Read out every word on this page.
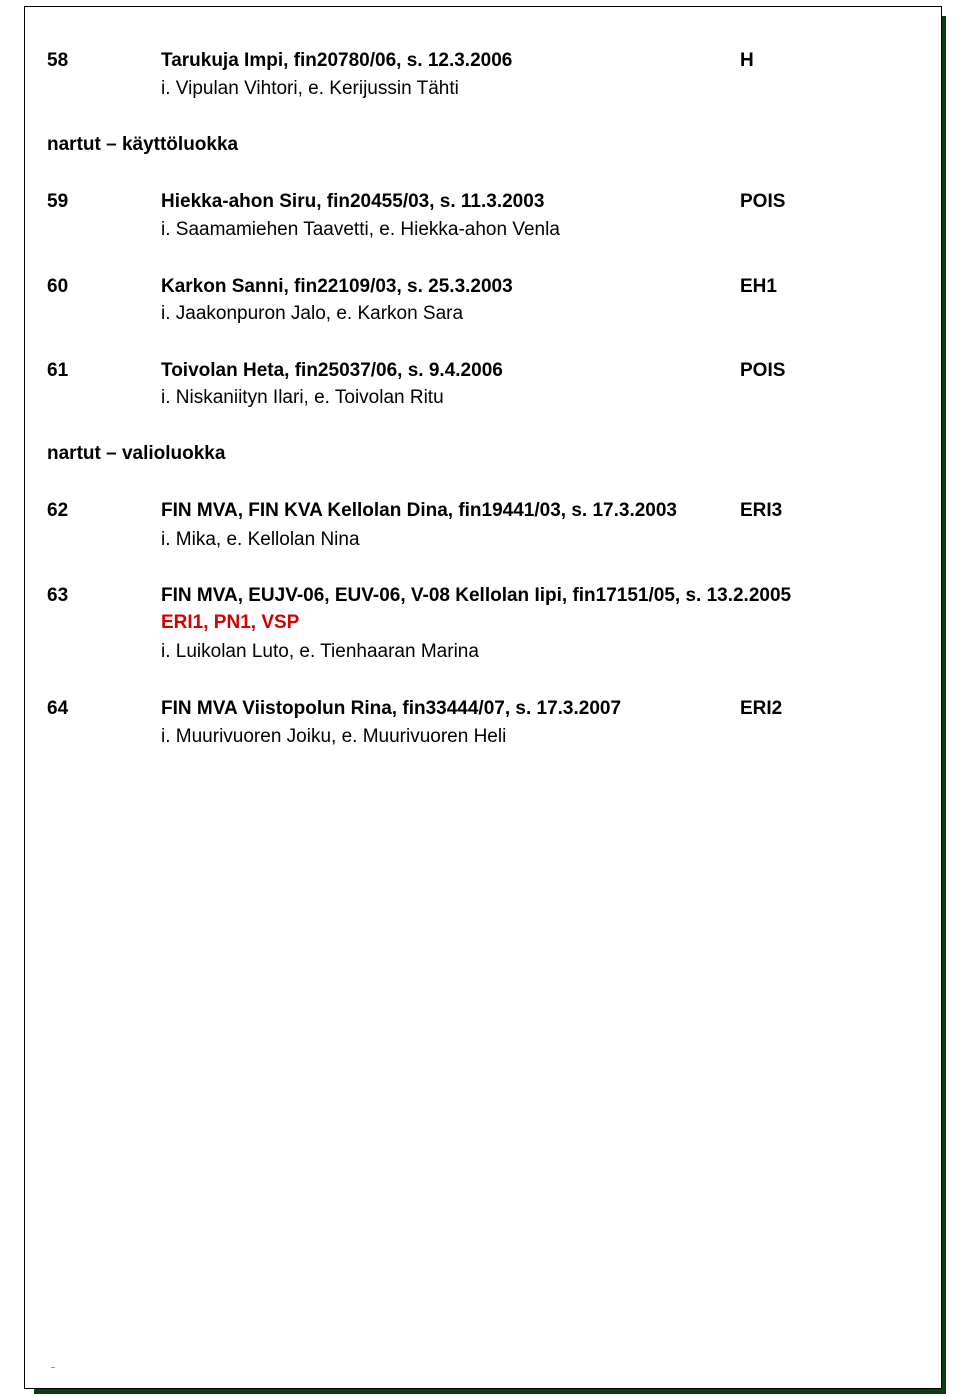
58	Tarukuja Impi, fin20780/06, s. 12.3.2006	H
i. Vipulan Vihtori, e. Kerijussin Tähti
nartut – käyttöluokka
59	Hiekka-ahon Siru, fin20455/03, s. 11.3.2003	POIS
i. Saamamiehen Taavetti, e. Hiekka-ahon Venla
60	Karkon Sanni, fin22109/03, s. 25.3.2003	EH1
i. Jaakonpuron Jalo, e. Karkon Sara
61	Toivolan Heta, fin25037/06, s. 9.4.2006	POIS
i. Niskaniityn Ilari, e. Toivolan Ritu
nartut – valioluokka
62	FIN MVA, FIN KVA Kellolan Dina, fin19441/03, s. 17.3.2003	ERI3
i. Mika, e. Kellolan Nina
63	FIN MVA, EUJV-06, EUV-06, V-08 Kellolan Iipi, fin17151/05, s. 13.2.2005
ERI1, PN1, VSP
i. Luikolan Luto, e. Tienhaaran Marina
64	FIN MVA Viistopolun Rina, fin33444/07, s. 17.3.2007	ERI2
i. Muurivuoren Joiku, e. Muurivuoren Heli
